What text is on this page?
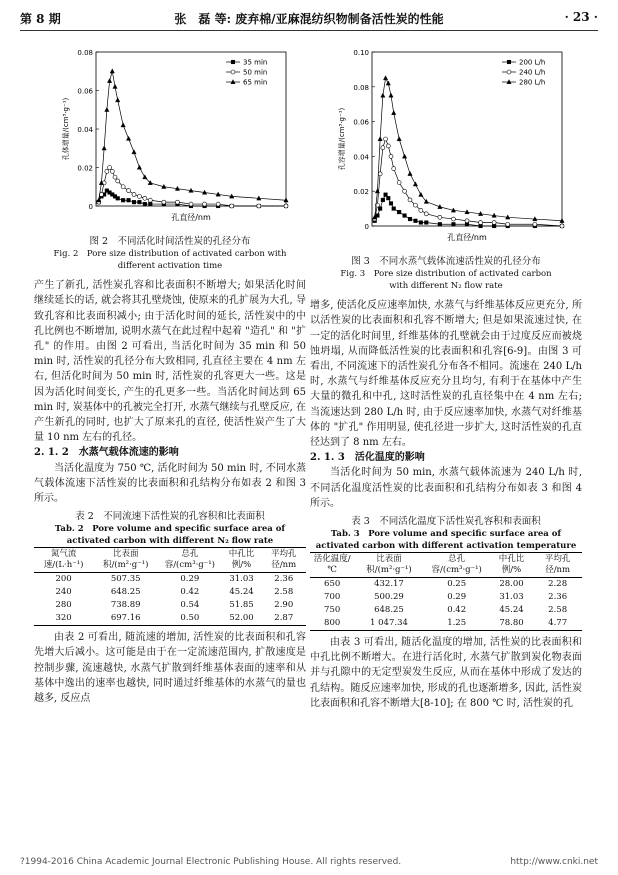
第 8 期	张　磊 等: 废弃棉/亚麻混纺织物制备活性炭的性能	· 23 ·
0
0.02
0.04
0.06
0.08
孔体增量/(cm³·g⁻¹)
孔直径/nm
35 min
50 min
65 min
图 2　不同活化时间活性炭的孔径分布
Fig. 2　Pore size distribution of activated carbon with
different activation time
产生了新孔, 活性炭孔容和比表面积不断增大; 如果活化时间继续延长的话, 就会将其孔壁烧蚀, 使原来的孔扩展为大孔, 导致孔容和比表面积减小; 由于活化时间的延长, 活性炭中的中孔比例也不断增加, 说明水蒸气在此过程中起着 "造孔" 和 "扩孔" 的作用。由图 2 可看出, 当活化时间为 35 min 和 50 min 时, 活性炭的孔径分布大致相同, 孔直径主要在 4 nm 左右, 但活化时间为 50 min 时, 活性炭的孔容更大一些。这是因为活化时间变长, 产生的孔更多一些。当活化时间达到 65 min 时, 炭基体中的孔被完全打开, 水蒸气继续与孔壁反应, 在产生新孔的同时, 也扩大了原来孔的直径, 使活性炭产生了大量 10 nm 左右的孔径。
2. 1. 2　水蒸气载体流速的影响
当活化温度为 750 ℃, 活化时间为 50 min 时, 不同水蒸气载体流速下活性炭的比表面积和孔结构分布如表 2 和图 3 所示。
表 2　不同流速下活性炭的孔容积和比表面积
Tab. 2　Pore volume and specific surface area of
activated carbon with different N₂ flow rate
氮气流速/(L·h⁻¹)	比表面积/(m²·g⁻¹)	总孔容/(cm³·g⁻¹)	中孔比例/%	平均孔径/nm
200	507.35	0.29	31.03	2.36
240	648.25	0.42	45.24	2.58
280	738.89	0.54	51.85	2.90
320	697.16	0.50	52.00	2.87
由表 2 可看出, 随流速的增加, 活性炭的比表面积和孔容先增大后减小。这可能是由于在一定流速范围内, 扩散速度是控制步骤, 流速越快, 水蒸气扩散到纤维基体表面的速率和从基体中逸出的速率也越快, 同时通过纤维基体的水蒸气的量也越多, 反应点
0
0.02
0.04
0.06
0.08
0.10
孔容增量/(cm³·g⁻¹)
孔直径/nm
200 L/h
240 L/h
280 L/h
图 3　不同水蒸气载体流速活性炭的孔径分布
Fig. 3　Pore size distribution of activated carbon
with different N₂ flow rate
增多, 使活化反应速率加快, 水蒸气与纤维基体反应更充分, 所以活性炭的比表面积和孔容不断增大; 但是如果流速过快, 在一定的活化时间里, 纤维基体的孔壁就会由于过度反应而被烧蚀坍塌, 从而降低活性炭的比表面积和孔容[6-9]。由图 3 可看出, 不同流速下的活性炭孔分布各不相同。流速在 240 L/h 时, 水蒸气与纤维基体反应充分且均匀, 有利于在基体中产生大量的微孔和中孔, 这时活性炭的孔直径集中在 4 nm 左右; 当流速达到 280 L/h 时, 由于反应速率加快, 水蒸气对纤维基体的 "扩孔" 作用明显, 使孔径进一步扩大, 这时活性炭的孔直径达到了 8 nm 左右。
2. 1. 3　活化温度的影响
当活化时间为 50 min, 水蒸气载体流速为 240 L/h 时, 不同活化温度活性炭的比表面积和孔结构分布如表 3 和图 4 所示。
表 3　不同活化温度下活性炭孔容积和表面积
Tab. 3　Pore volume and specific surface area of
activated carbon with different activation temperature
活化温度/℃	比表面积/(m²·g⁻¹)	总孔容/(cm³·g⁻¹)	中孔比例/%	平均孔径/nm
650	432.17	0.25	28.00	2.28
700	500.29	0.29	31.03	2.36
750	648.25	0.42	45.24	2.58
800	1 047.34	1.25	78.80	4.77
由表 3 可看出, 随活化温度的增加, 活性炭的比表面积和中孔比例不断增大。在进行活化时, 水蒸气扩散到炭化物表面并与孔隙中的无定型炭发生反应, 从而在基体中形成了发达的孔结构。随反应速率加快, 形成的孔也逐渐增多, 因此, 活性炭比表面积和孔容不断增大[8-10]; 在 800 ℃ 时, 活性炭的孔
?1994-2016 China Academic Journal Electronic Publishing House. All rights reserved.	http://www.cnki.net
